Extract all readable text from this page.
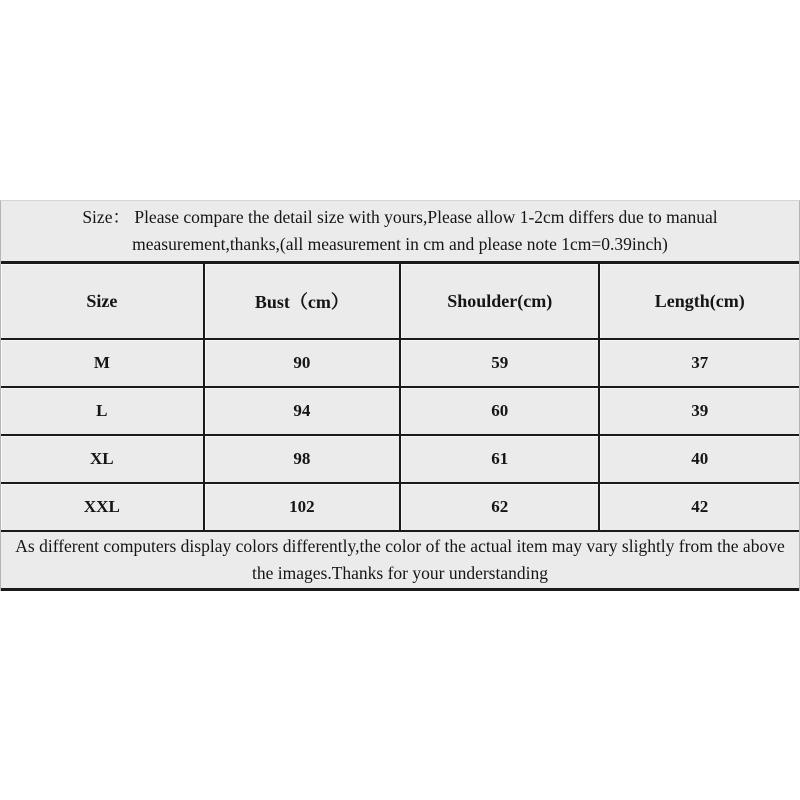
Size： Please compare the detail size with yours,Please allow 1-2cm differs due to manual
measurement,thanks,(all measurement in cm and please note 1cm=0.39inch)			

Size	Bust（cm）	Shoulder(cm)	Length(cm)
M	90	59	37
L	94	60	39
XL	98	61	40
XXL	102	62	42

As different computers display colors differently,the color of the actual item may vary slightly from the above
the images.Thanks for your understanding			
